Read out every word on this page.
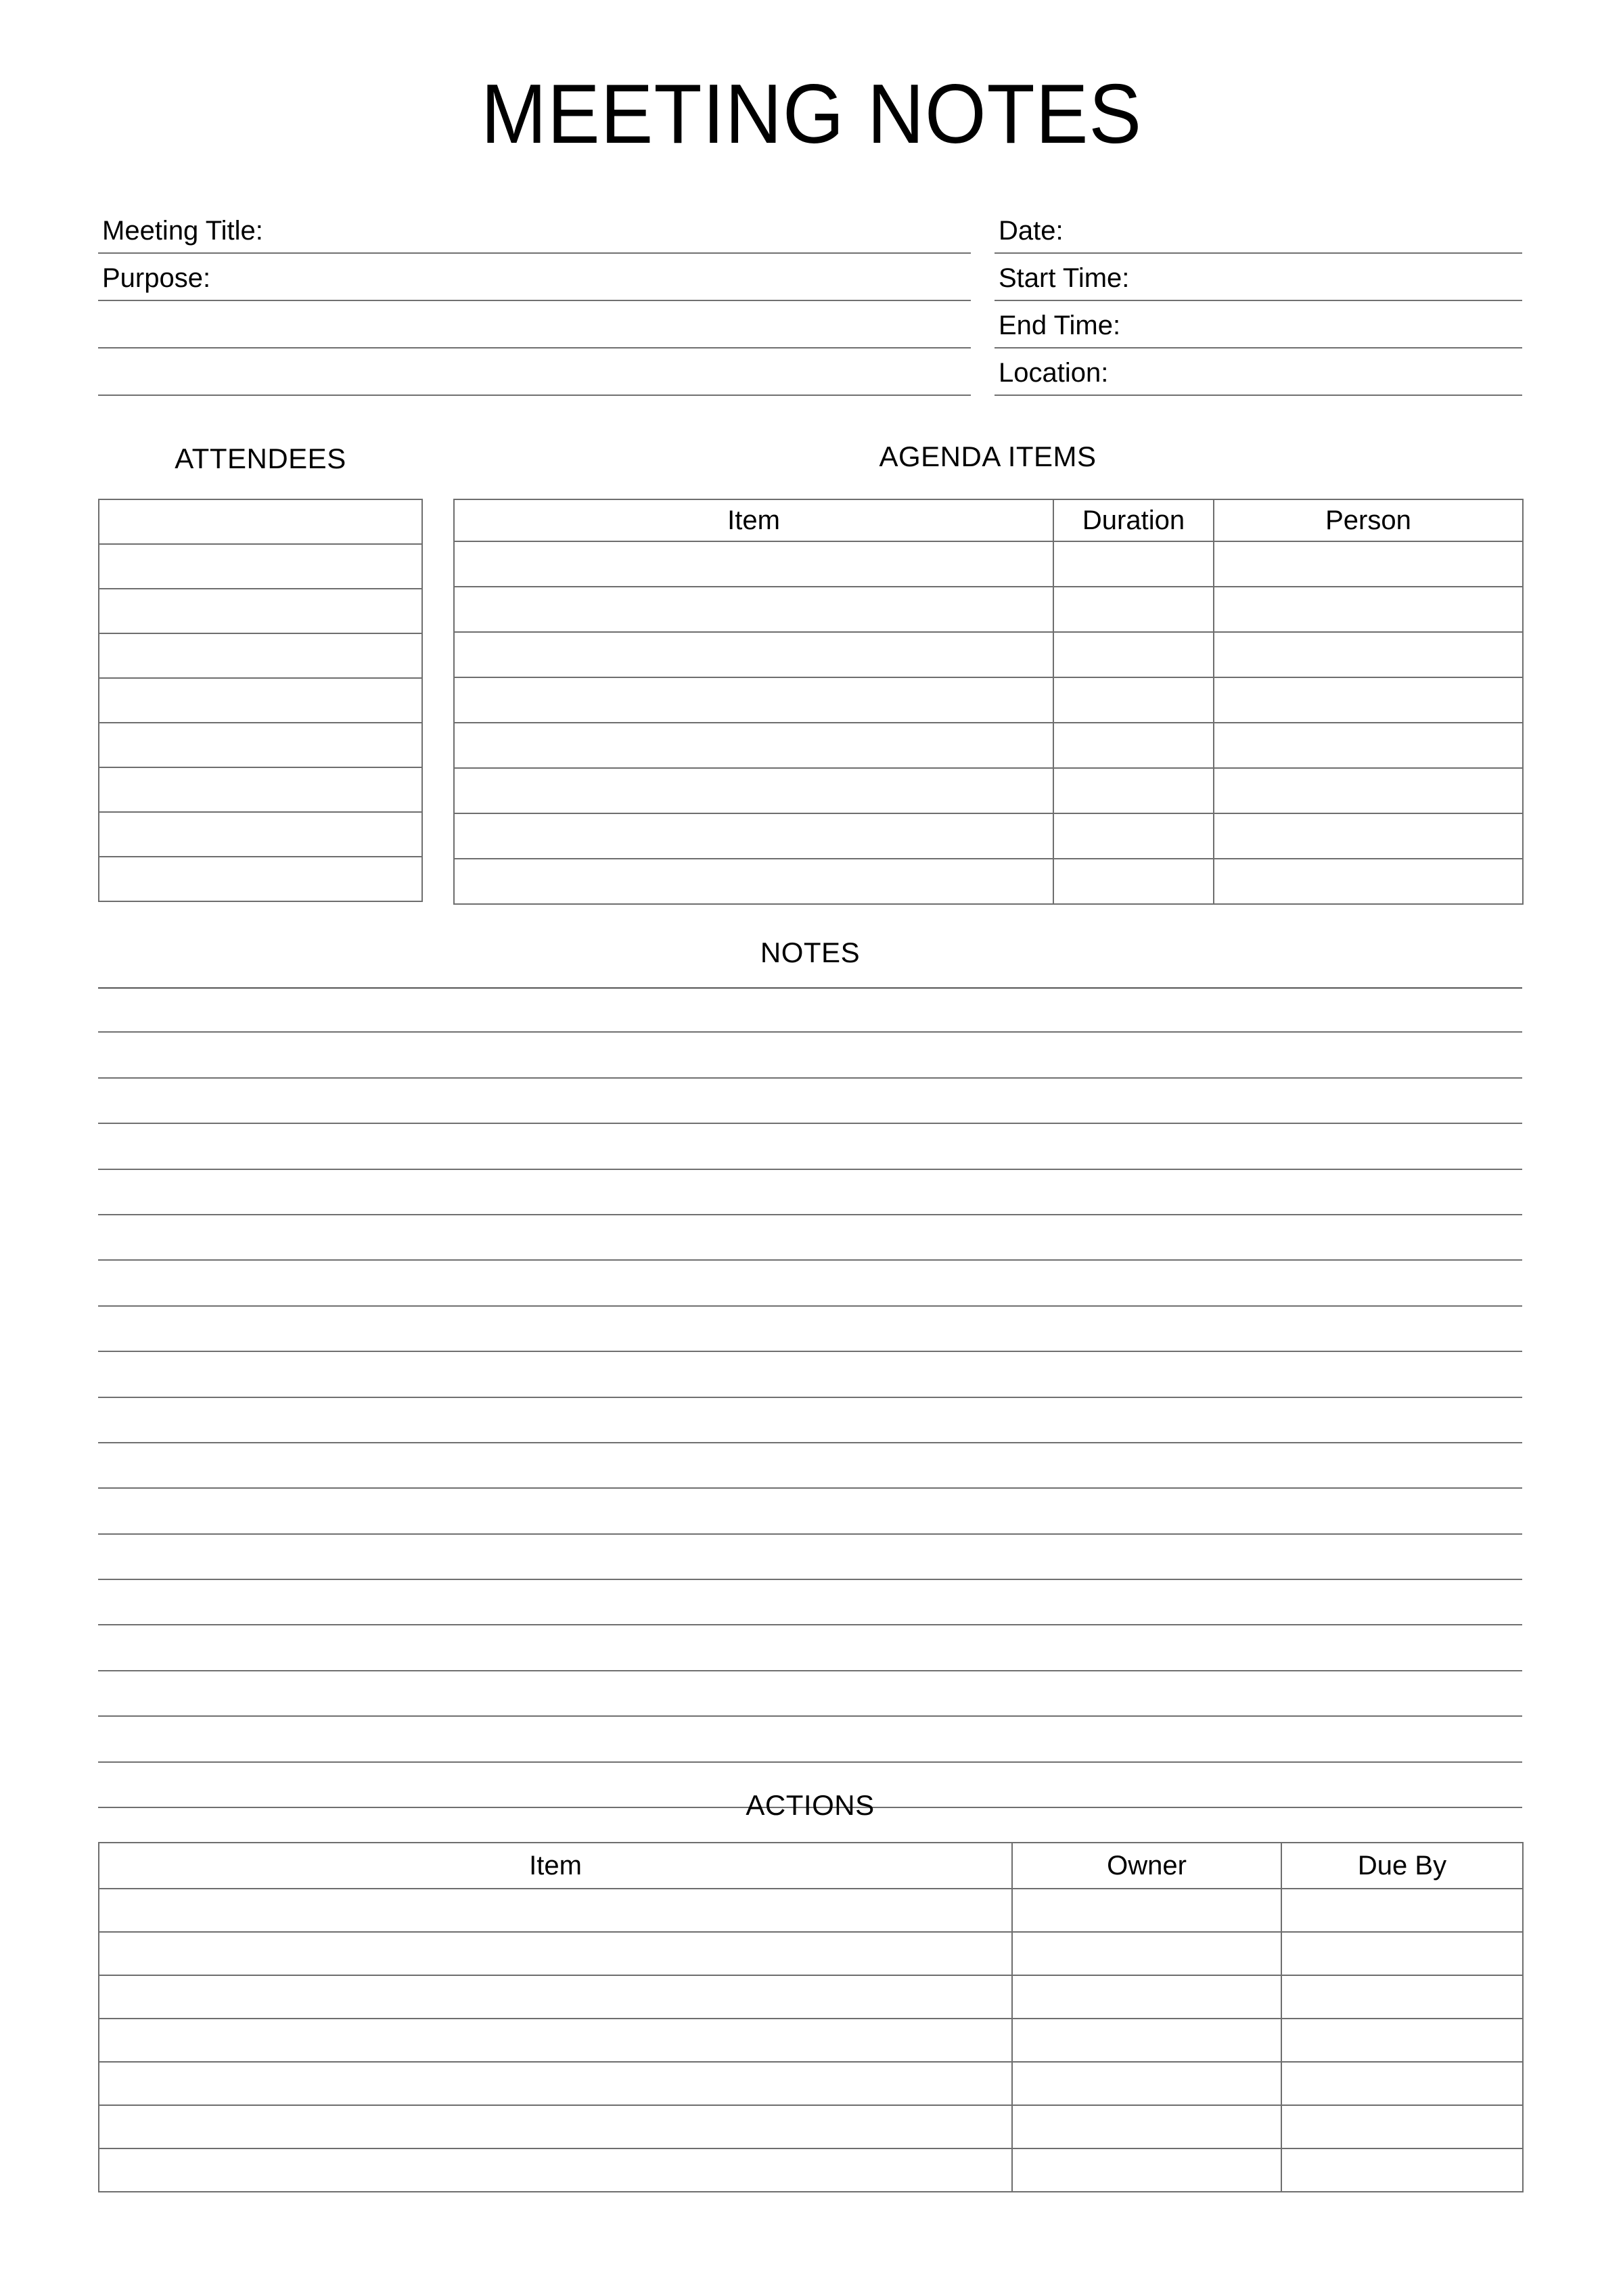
MEETING NOTES
Meeting Title:
Purpose:
Date:
Start Time:
End Time:
Location:
ATTENDEES	AGENDA ITEMS

Item	Duration	Person

NOTES
ACTIONS
Item	Owner	Due By
